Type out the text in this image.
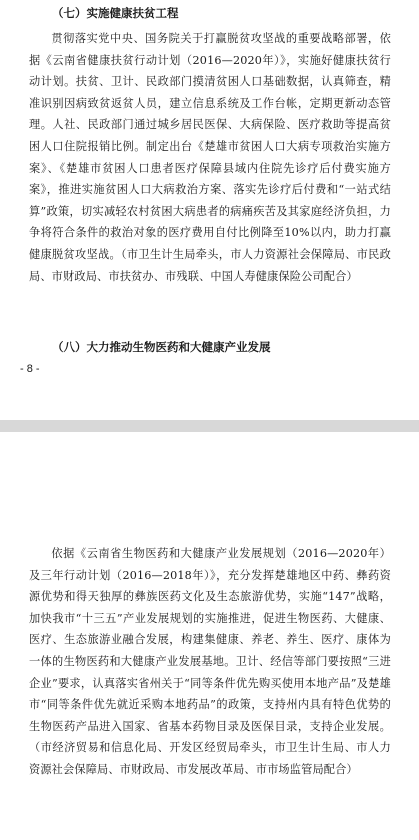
（七）实施健康扶贫工程

贯彻落实党中央、国务院关于打赢脱贫攻坚战的重要战略部署，依据《云南省健康扶贫行动计划（2016—2020年）》，实施好健康扶贫行动计划。扶贫、卫计、民政部门摸清贫困人口基础数据，认真筛查，精准识别因病致贫返贫人员，建立信息系统及工作台帐，定期更新动态管理。人社、民政部门通过城乡居民医保、大病保险、医疗救助等提高贫困人口住院报销比例。制定出台《楚雄市贫困人口大病专项救治实施方案》、《楚雄市贫困人口患者医疗保障县域内住院先诊疗后付费实施方案》，推进实施贫困人口大病救治方案、落实先诊疗后付费和“一站式结算”政策，切实减轻农村贫困大病患者的病痛疾苦及其家庭经济负担，力争将符合条件的救治对象的医疗费用自付比例降至10%以内，助力打赢健康脱贫攻坚战。（市卫生计生局牵头，市人力资源社会保障局、市民政局、市财政局、市扶贫办、市残联、中国人寿健康保险公司配合）

（八）大力推动生物医药和大健康产业发展
- 8 -

依据《云南省生物医药和大健康产业发展规划（2016—2020年）及三年行动计划（2016—2018年）》，充分发挥楚雄地区中药、彝药资源优势和得天独厚的彝族医药文化及生态旅游优势，实施“147”战略，加快我市“十三五”产业发展规划的实施推进，促进生物医药、大健康、医疗、生态旅游业融合发展，构建集健康、养老、养生、医疗、康体为一体的生物医药和大健康产业发展基地。卫计、经信等部门要按照“三进企业”要求，认真落实省州关于“同等条件优先购买使用本地产品”及楚雄市“同等条件优先就近采购本地药品”的政策，支持州内具有特色优势的生物医药产品进入国家、省基本药物目录及医保目录，支持企业发展。（市经济贸易和信息化局、开发区经贸局牵头，市卫生计生局、市人力资源社会保障局、市财政局、市发展改革局、市市场监管局配合）
